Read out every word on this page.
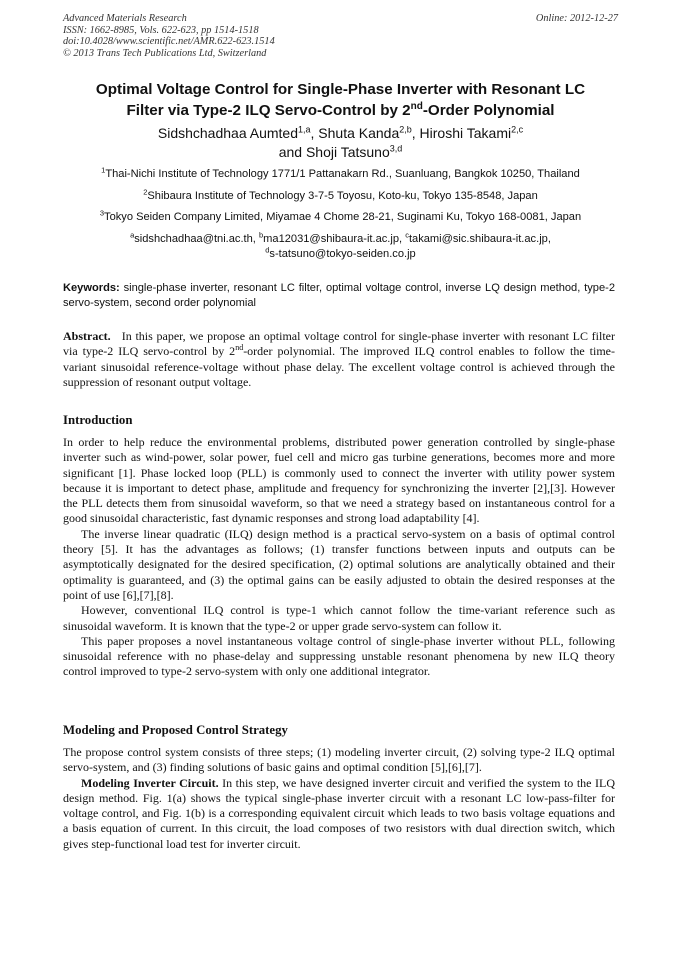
Advanced Materials Research
ISSN: 1662-8985, Vols. 622-623, pp 1514-1518
doi:10.4028/www.scientific.net/AMR.622-623.1514
© 2013 Trans Tech Publications Ltd, Switzerland
Online: 2012-12-27
Optimal Voltage Control for Single-Phase Inverter with Resonant LC
Filter via Type-2 ILQ Servo-Control by 2nd-Order Polynomial
Sidshchadhaa Aumted$^{1,a}$, Shuta Kanda$^{2,b}$, Hiroshi Takami$^{2,c}$
and Shoji Tatsuno$^{3,d}$
$^1$Thai-Nichi Institute of Technology 1771/1 Pattanakarn Rd., Suanluang, Bangkok 10250, Thailand
$^2$Shibaura Institute of Technology 3-7-5 Toyosu, Koto-ku, Tokyo 135-8548, Japan
$^3$Tokyo Seiden Company Limited, Miyamae 4 Chome 28-21, Suginami Ku, Tokyo 168-0081, Japan
$^a$sidshchadhaa@tni.ac.th, $^b$ma12031@shibaura-it.ac.jp, $^c$takami@sic.shibaura-it.ac.jp,
$^d$s-tatsuno@tokyo-seiden.co.jp
Keywords: single-phase inverter, resonant LC filter, optimal voltage control, inverse LQ design method, type-2 servo-system, second order polynomial

Abstract. In this paper, we propose an optimal voltage control for single-phase inverter with resonant LC filter via type-2 ILQ servo-control by 2nd-order polynomial. The improved ILQ control enables to follow the time-variant sinusoidal reference-voltage without phase delay. The excellent voltage control is achieved through the suppression of resonant output voltage.

Introduction

In order to help reduce the environmental problems, distributed power generation controlled by single-phase inverter such as wind-power, solar power, fuel cell and micro gas turbine generations, becomes more and more significant [1]. Phase locked loop (PLL) is commonly used to connect the inverter with utility power system because it is important to detect phase, amplitude and frequency for synchronizing the inverter [2],[3]. However the PLL detects them from sinusoidal waveform, so that we need a strategy based on instantaneous control for a good sinusoidal characteristic, fast dynamic responses and strong load adaptability [4].

The inverse linear quadratic (ILQ) design method is a practical servo-system on a basis of optimal control theory [5]. It has the advantages as follows; (1) transfer functions between inputs and outputs can be asymptotically designated for the desired specification, (2) optimal solutions are analytically obtained and their optimality is guaranteed, and (3) the optimal gains can be easily adjusted to obtain the desired responses at the point of use [6],[7],[8].

However, conventional ILQ control is type-1 which cannot follow the time-variant reference such as sinusoidal waveform. It is known that the type-2 or upper grade servo-system can follow it.

This paper proposes a novel instantaneous voltage control of single-phase inverter without PLL, following sinusoidal reference with no phase-delay and suppressing unstable resonant phenomena by new ILQ theory control improved to type-2 servo-system with only one additional integrator.

Modeling and Proposed Control Strategy

The propose control system consists of three steps; (1) modeling inverter circuit, (2) solving type-2 ILQ optimal servo-system, and (3) finding solutions of basic gains and optimal condition [5],[6],[7].

Modeling Inverter Circuit. In this step, we have designed inverter circuit and verified the system to the ILQ design method. Fig. 1(a) shows the typical single-phase inverter circuit with a resonant LC low-pass-filter for voltage control, and Fig. 1(b) is a corresponding equivalent circuit which leads to two basis voltage equations and a basis equation of current. In this circuit, the load composes of two resistors with dual direction switch, which gives step-functional load test for inverter circuit.
